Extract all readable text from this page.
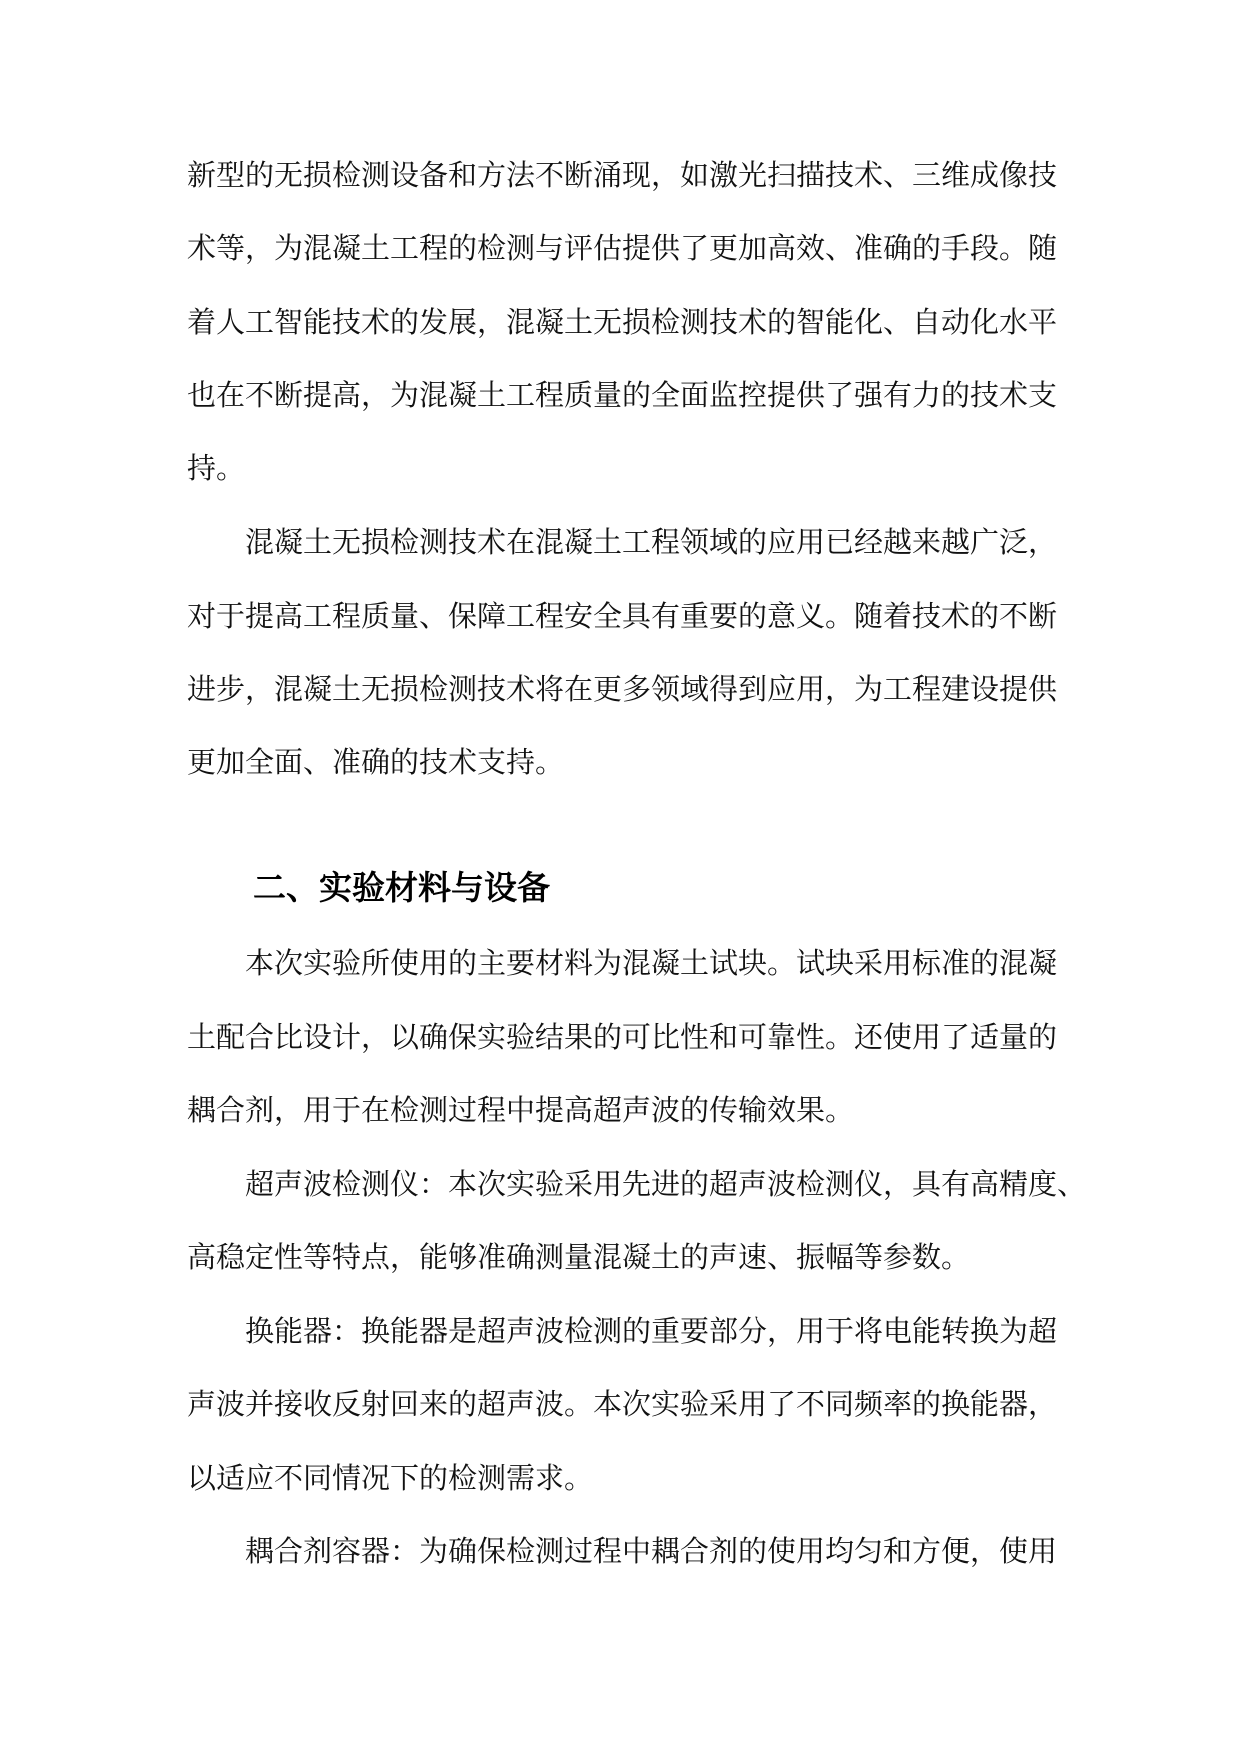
新型的无损检测设备和方法不断涌现，如激光扫描技术、三维成像技
术等，为混凝土工程的检测与评估提供了更加高效、准确的手段。随
着人工智能技术的发展，混凝土无损检测技术的智能化、自动化水平
也在不断提高，为混凝土工程质量的全面监控提供了强有力的技术支
持。
混凝土无损检测技术在混凝土工程领域的应用已经越来越广泛，
对于提高工程质量、保障工程安全具有重要的意义。随着技术的不断
进步，混凝土无损检测技术将在更多领域得到应用，为工程建设提供
更加全面、准确的技术支持。
二、实验材料与设备
本次实验所使用的主要材料为混凝土试块。试块采用标准的混凝
土配合比设计，以确保实验结果的可比性和可靠性。还使用了适量的
耦合剂，用于在检测过程中提高超声波的传输效果。
超声波检测仪：本次实验采用先进的超声波检测仪，具有高精度、
高稳定性等特点，能够准确测量混凝土的声速、振幅等参数。
换能器：换能器是超声波检测的重要部分，用于将电能转换为超
声波并接收反射回来的超声波。本次实验采用了不同频率的换能器，
以适应不同情况下的检测需求。
耦合剂容器：为确保检测过程中耦合剂的使用均匀和方便，使用
